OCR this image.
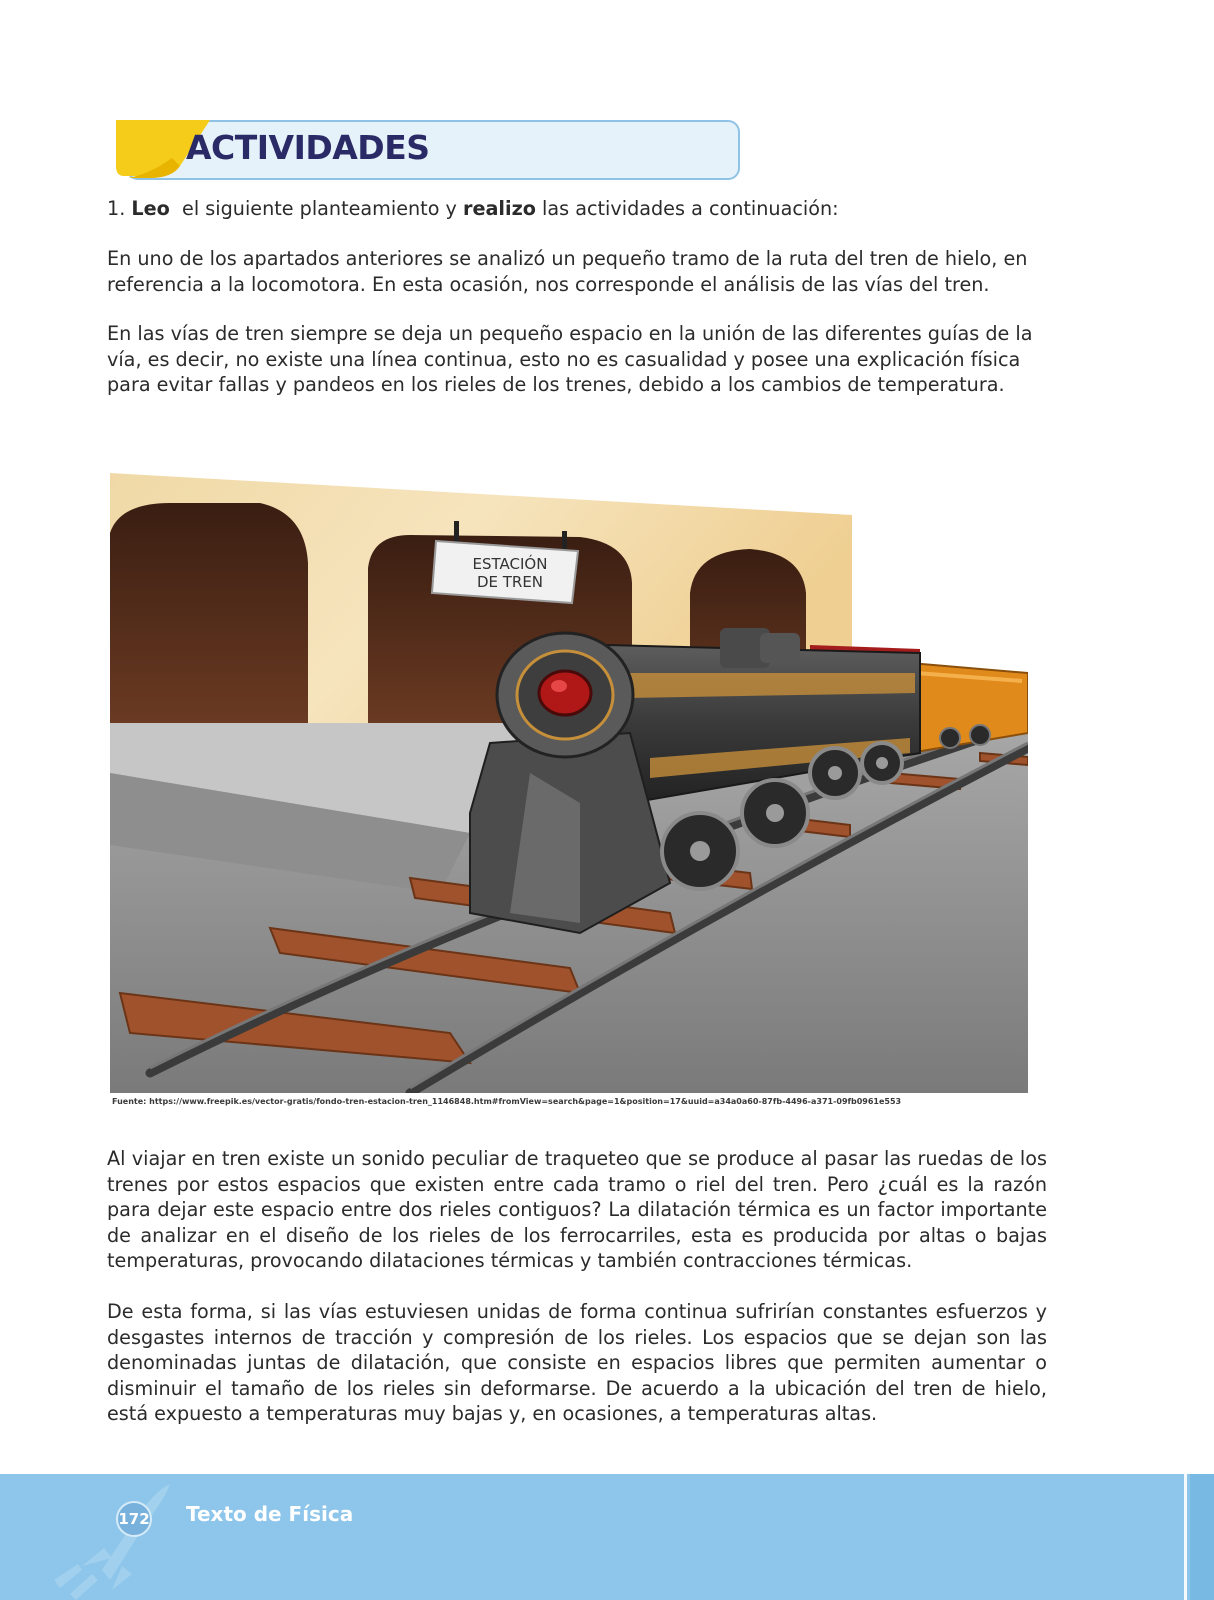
ACTIVIDADES

1. Leo  el siguiente planteamiento y realizo las actividades a continuación:

En uno de los apartados anteriores se analizó un pequeño tramo de la ruta del tren de hielo, en referencia a la locomotora. En esta ocasión, nos corresponde el análisis de las vías del tren.

En las vías de tren siempre se deja un pequeño espacio en la unión de las diferentes guías de la vía, es decir, no existe una línea continua, esto no es casualidad y posee una explicación física para evitar fallas y pandeos en los rieles de los trenes, debido a los cambios de temperatura.

ESTACIÓN
DE TREN

Fuente: https://www.freepik.es/vector-gratis/fondo-tren-estacion-tren_1146848.htm#fromView=search&page=1&position=17&uuid=a34a0a60-87fb-4496-a371-09fb0961e553

Al viajar en tren existe un sonido peculiar de traqueteo que se produce al pasar las ruedas de los trenes por estos espacios que existen entre cada tramo o riel del tren. Pero ¿cuál es la razón para dejar este espacio entre dos rieles contiguos? La dilatación térmica es un factor importante de analizar en el diseño de los rieles de los ferrocarriles, esta es producida por altas o bajas temperaturas, provocando dilataciones térmicas y también contracciones térmicas.

De esta forma, si las vías estuviesen unidas de forma continua sufrirían constantes esfuerzos y desgastes internos de tracción y compresión de los rieles. Los espacios que se dejan son las denominadas juntas de dilatación, que consiste en espacios libres que permiten aumentar o disminuir el tamaño de los rieles sin deformarse. De acuerdo a la ubicación del tren de hielo, está expuesto a temperaturas muy bajas y, en ocasiones, a temperaturas altas.

172 Texto de Física
